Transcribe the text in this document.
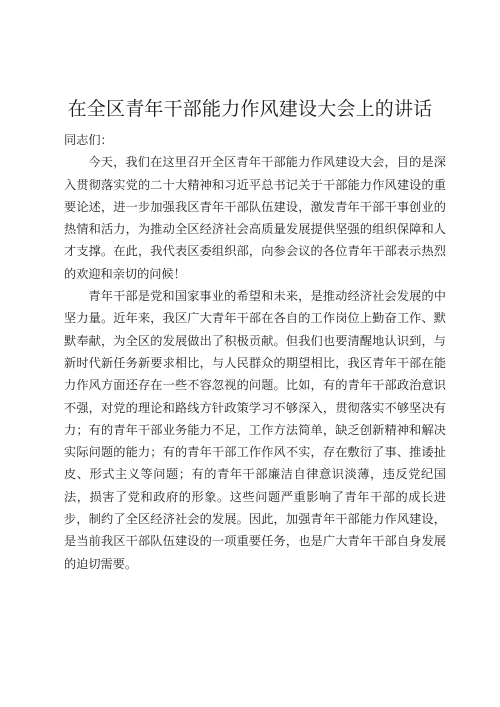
在全区青年干部能力作风建设大会上的讲话

同志们：

今天，我们在这里召开全区青年干部能力作风建设大会，目的是深入贯彻落实党的二十大精神和习近平总书记关于干部能力作风建设的重要论述，进一步加强我区青年干部队伍建设，激发青年干部干事创业的热情和活力，为推动全区经济社会高质量发展提供坚强的组织保障和人才支撑。在此，我代表区委组织部，向参会议的各位青年干部表示热烈的欢迎和亲切的问候！

青年干部是党和国家事业的希望和未来，是推动经济社会发展的中坚力量。近年来，我区广大青年干部在各自的工作岗位上勤奋工作、默默奉献，为全区的发展做出了积极贡献。但我们也要清醒地认识到，与新时代新任务新要求相比，与人民群众的期望相比，我区青年干部在能力作风方面还存在一些不容忽视的问题。比如，有的青年干部政治意识不强，对党的理论和路线方针政策学习不够深入，贯彻落实不够坚决有力；有的青年干部业务能力不足，工作方法简单，缺乏创新精神和解决实际问题的能力；有的青年干部工作作风不实，存在敷衍了事、推诿扯皮、形式主义等问题；有的青年干部廉洁自律意识淡薄，违反党纪国法，损害了党和政府的形象。这些问题严重影响了青年干部的成长进步，制约了全区经济社会的发展。因此，加强青年干部能力作风建设，是当前我区干部队伍建设的一项重要任务，也是广大青年干部自身发展的迫切需要。
